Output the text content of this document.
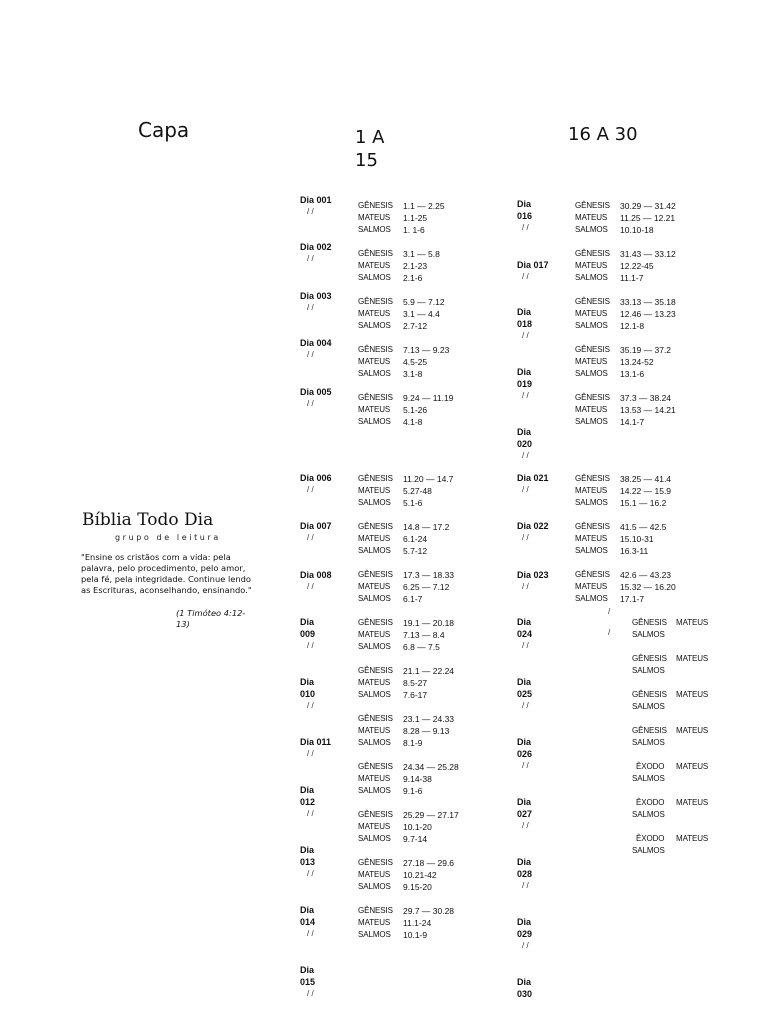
Capa	1 A 15
16 A 30
Bíblia Todo Dia
grupo de leitura
"Ensine os cristãos com a vida: pela palavra, pelo procedimento, pelo amor, pela fé, pela integridade. Continue lendo as Escrituras, aconselhando, ensinando."
(1 Timóteo 4:12-13)
Dia 001
/ /
Dia 002
/ /
Dia 003
/ /
Dia 004
/ /
Dia 005
/ /
Dia 006
/ /
Dia 007
/ /
Dia 008
/ /
Dia 009
/ /
Dia 010
/ /
Dia 011
/ /
Dia 012
/ /
Dia 013
/ /
Dia 014
/ /
Dia 015
/ /
GÊNESIS 1.1 — 2.25
MATEUS 1.1-25
SALMOS 1. 1-6
GÊNESIS 3.1 — 5.8
MATEUS 2.1-23
SALMOS 2.1-6
GÊNESIS 5.9 — 7.12
MATEUS 3.1 — 4.4
SALMOS 2.7-12
GÊNESIS 7.13 — 9.23
MATEUS 4.5-25
SALMOS 3.1-8
GÊNESIS 9.24 — 11.19
MATEUS 5.1-26
SALMOS 4.1-8
GÊNESIS 11.20 — 14.7
MATEUS 5.27-48
SALMOS 5.1-6
GÊNESIS 14.8 — 17.2
MATEUS 6.1-24
SALMOS 5.7-12
GÊNESIS 17.3 — 18.33
MATEUS 6.25 — 7.12
SALMOS 6.1-7
GÊNESIS 19.1 — 20.18
MATEUS 7.13 — 8.4
SALMOS 6.8 — 7.5
GÊNESIS 21.1 — 22.24
MATEUS 8.5-27
SALMOS 7.6-17
GÊNESIS 23.1 — 24.33
MATEUS 8.28 — 9.13
SALMOS 8.1-9
GÊNESIS 24.34 — 25.28
MATEUS 9.14-38
SALMOS 9.1-6
GÊNESIS 25.29 — 27.17
MATEUS 10.1-20
SALMOS 9.7-14
GÊNESIS 27.18 — 29.6
MATEUS 10.21-42
SALMOS 9.15-20
GÊNESIS 29.7 — 30.28
MATEUS 11.1-24
SALMOS 10.1-9
Dia 016
/ /
Dia 017
/ /
Dia 018
/ /
Dia 019
/ /
Dia 020
/ /
Dia 021
/ /
Dia 022
/ /
Dia 023
/ /
Dia 024
/ /
Dia 025
/ /
Dia 026
/ /
Dia 027
/ /
Dia 028
/ /
Dia 029
/ /
Dia 030
GÊNESIS 30.29 — 31.42
MATEUS 11.25 — 12.21
SALMOS 10.10-18
GÊNESIS 31.43 — 33.12
MATEUS 12.22-45
SALMOS 11.1-7
GÊNESIS 33.13 — 35.18
MATEUS 12.46 — 13.23
SALMOS 12.1-8
GÊNESIS 35.19 — 37.2
MATEUS 13.24-52
SALMOS 13.1-6
GÊNESIS 37.3 — 38.24
MATEUS 13.53 — 14.21
SALMOS 14.1-7
GÊNESIS 38.25 — 41.4
MATEUS 14.22 — 15.9
SALMOS 15.1 — 16.2
GÊNESIS 41.5 — 42.5
MATEUS 15.10-31
SALMOS 16.3-11
GÊNESIS 42.6 — 43.23
MATEUS 15.32 — 16.20
SALMOS 17.1-7
/
/
GÊNESIS MATEUS
SALMOS
GÊNESIS MATEUS
SALMOS
GÊNESIS MATEUS
SALMOS
GÊNESIS MATEUS
SALMOS
ÊXODO MATEUS
SALMOS
ÊXODO MATEUS
SALMOS
ÊXODO MATEUS
SALMOS
